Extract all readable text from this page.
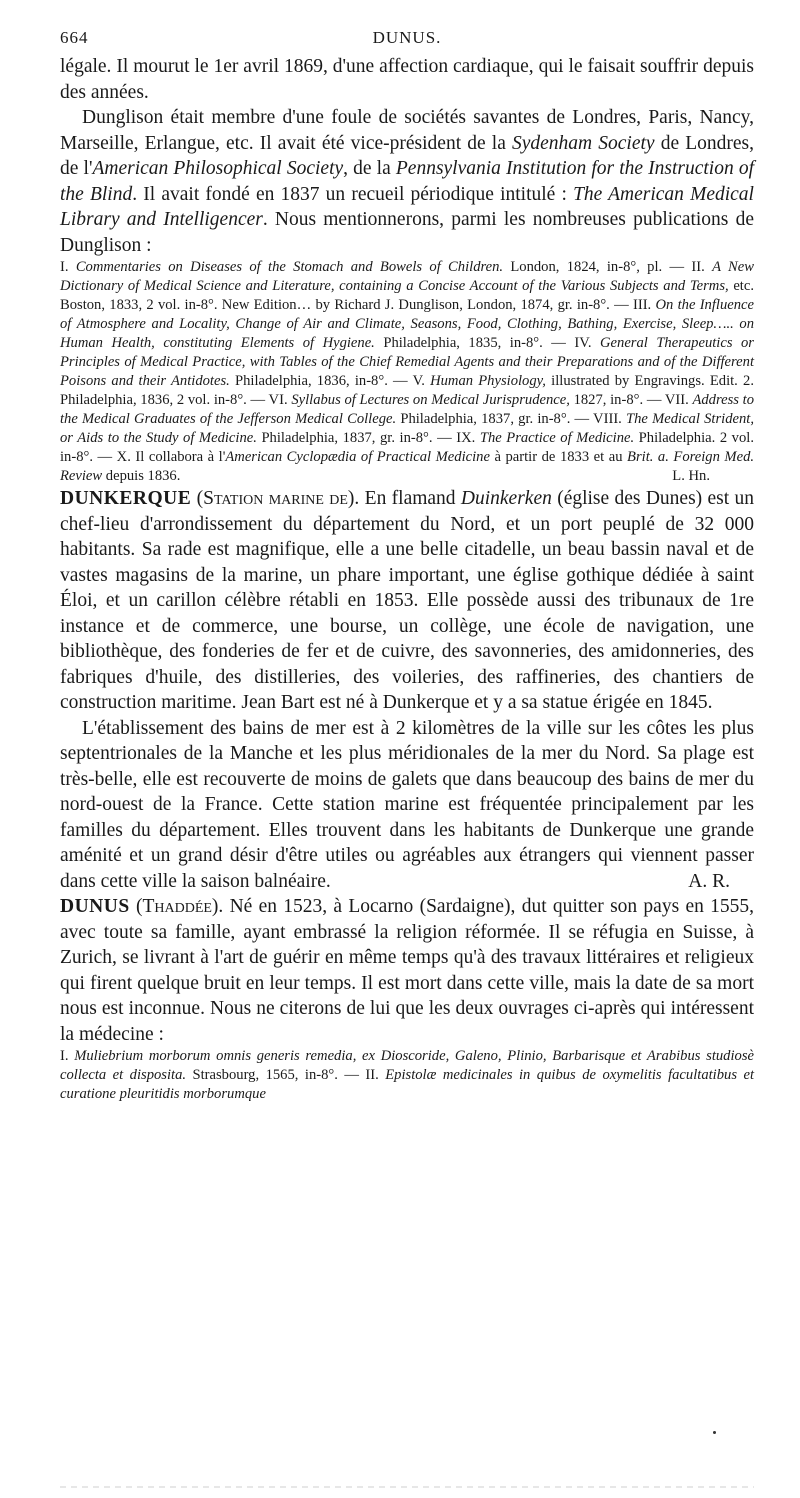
664	DUNUS.

légale. Il mourut le 1er avril 1869, d'une affection cardiaque, qui le faisait souffrir depuis des années.

Dunglison était membre d'une foule de sociétés savantes de Londres, Paris, Nancy, Marseille, Erlangue, etc. Il avait été vice-président de la Sydenham Society de Londres, de l'American Philosophical Society, de la Pennsylvania Institution for the Instruction of the Blind. Il avait fondé en 1837 un recueil périodique intitulé : The American Medical Library and Intelligencer. Nous mentionnerons, parmi les nombreuses publications de Dunglison :

I. Commentaries on Diseases of the Stomach and Bowels of Children. London, 1824, in-8°, pl. — II. A New Dictionary of Medical Science and Literature, containing a Concise Account of the Various Subjects and Terms, etc. Boston, 1833, 2 vol. in-8°. New Edition… by Richard J. Dunglison, London, 1874, gr. in-8°. — III. On the Influence of Atmosphere and Locality, Change of Air and Climate, Seasons, Food, Clothing, Bathing, Exercise, Sleep….. on Human Health, constituting Elements of Hygiene. Philadelphia, 1835, in-8°. — IV. General Therapeutics or Principles of Medical Practice, with Tables of the Chief Remedial Agents and their Preparations and of the Different Poisons and their Antidotes. Philadelphia, 1836, in-8°. — V. Human Physiology, illustrated by Engravings. Edit. 2. Philadelphia, 1836, 2 vol. in-8°. — VI. Syllabus of Lectures on Medical Jurisprudence, 1827, in-8°. — VII. Address to the Medical Graduates of the Jefferson Medical College. Philadelphia, 1837, gr. in-8°. — VIII. The Medical Strident, or Aids to the Study of Medicine. Philadelphia, 1837, gr. in-8°. — IX. The Practice of Medicine. Philadelphia. 2 vol. in-8°. — X. Il collabora à l'American Cyclopædia of Practical Medicine à partir de 1833 et au Brit. a. Foreign Med. Review depuis 1836.	L. Hn.

DUNKERQUE (Station marine de). En flamand Duinkerken (église des Dunes) est un chef-lieu d'arrondissement du département du Nord, et un port peuplé de 32 000 habitants. Sa rade est magnifique, elle a une belle citadelle, un beau bassin naval et de vastes magasins de la marine, un phare important, une église gothique dédiée à saint Éloi, et un carillon célèbre rétabli en 1853. Elle possède aussi des tribunaux de 1re instance et de commerce, une bourse, un collège, une école de navigation, une bibliothèque, des fonderies de fer et de cuivre, des savonneries, des amidonneries, des fabriques d'huile, des distilleries, des voileries, des raffineries, des chantiers de construction maritime. Jean Bart est né à Dunkerque et y a sa statue érigée en 1845.

L'établissement des bains de mer est à 2 kilomètres de la ville sur les côtes les plus septentrionales de la Manche et les plus méridionales de la mer du Nord. Sa plage est très-belle, elle est recouverte de moins de galets que dans beaucoup des bains de mer du nord-ouest de la France. Cette station marine est fréquentée principalement par les familles du département. Elles trouvent dans les habitants de Dunkerque une grande aménité et un grand désir d'être utiles ou agréables aux étrangers qui viennent passer dans cette ville la saison balnéaire.	A. R.

DUNUS (Thaddée). Né en 1523, à Locarno (Sardaigne), dut quitter son pays en 1555, avec toute sa famille, ayant embrassé la religion réformée. Il se réfugia en Suisse, à Zurich, se livrant à l'art de guérir en même temps qu'à des travaux littéraires et religieux qui firent quelque bruit en leur temps. Il est mort dans cette ville, mais la date de sa mort nous est inconnue. Nous ne citerons de lui que les deux ouvrages ci-après qui intéressent la médecine :

I. Muliebrium morborum omnis generis remedia, ex Dioscoride, Galeno, Plinio, Barbarisque et Arabibus studiosè collecta et disposita. Strasbourg, 1565, in-8°. — II. Epistolæ medicinales in quibus de oxymelitis facultatibus et curatione pleuritidis morborumque
